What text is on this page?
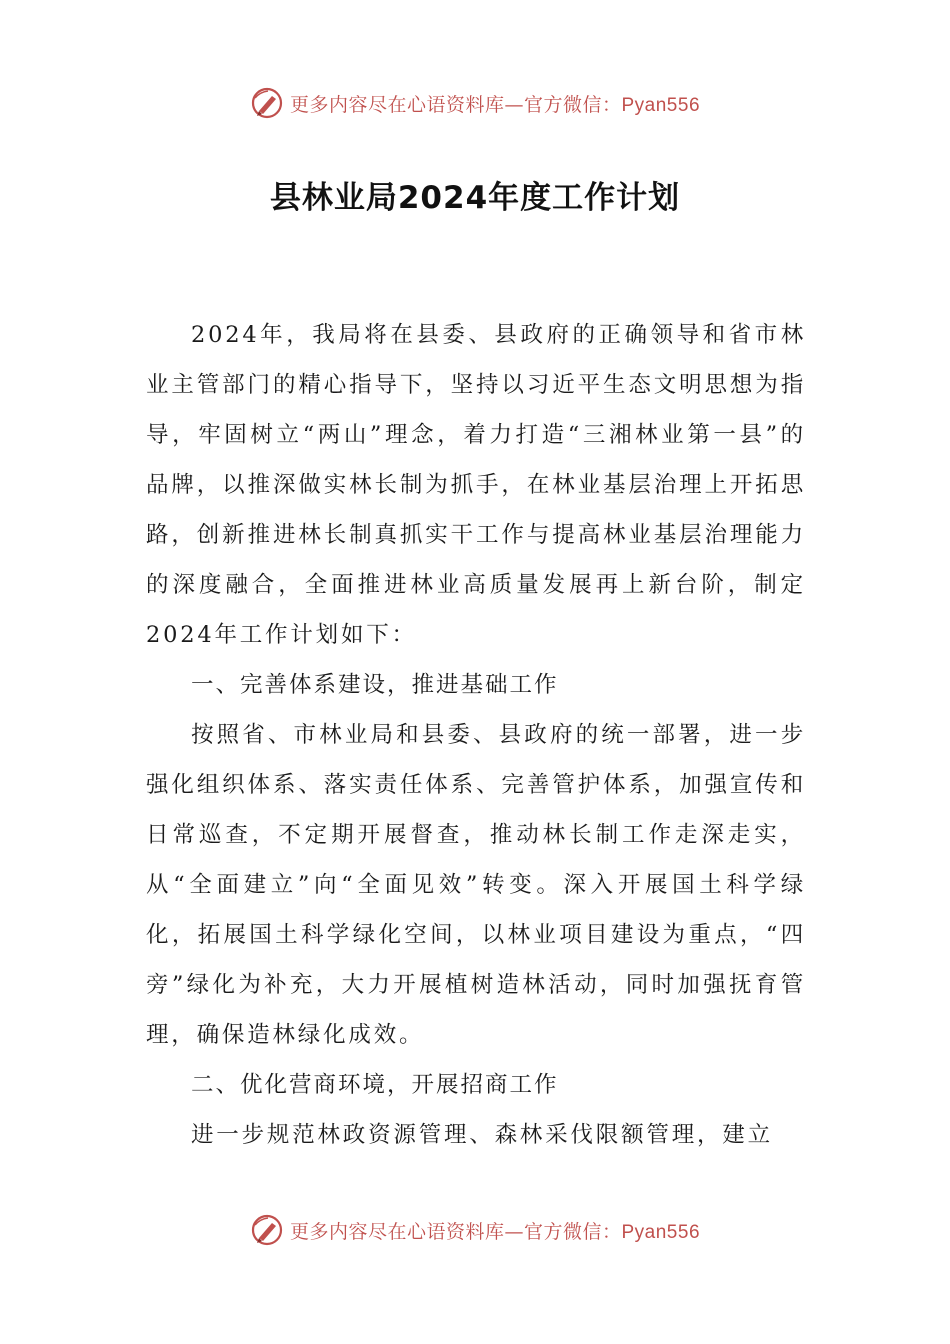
更多内容尽在心语资料库—官方微信：Pyan556
县林业局2024年度工作计划

2024年，我局将在县委、县政府的正确领导和省市林业主管部门的精心指导下，坚持以习近平生态文明思想为指导，牢固树立“两山”理念，着力打造“三湘林业第一县”的品牌，以推深做实林长制为抓手，在林业基层治理上开拓思路，创新推进林长制真抓实干工作与提高林业基层治理能力的深度融合，全面推进林业高质量发展再上新台阶，制定2024年工作计划如下：

一、完善体系建设，推进基础工作

按照省、市林业局和县委、县政府的统一部署，进一步强化组织体系、落实责任体系、完善管护体系，加强宣传和日常巡查，不定期开展督查，推动林长制工作走深走实，从“全面建立”向“全面见效”转变。深入开展国土科学绿化，拓展国土科学绿化空间，以林业项目建设为重点，“四旁”绿化为补充，大力开展植树造林活动，同时加强抚育管理，确保造林绿化成效。

二、优化营商环境，开展招商工作

进一步规范林政资源管理、森林采伐限额管理，建立

更多内容尽在心语资料库—官方微信：Pyan556
